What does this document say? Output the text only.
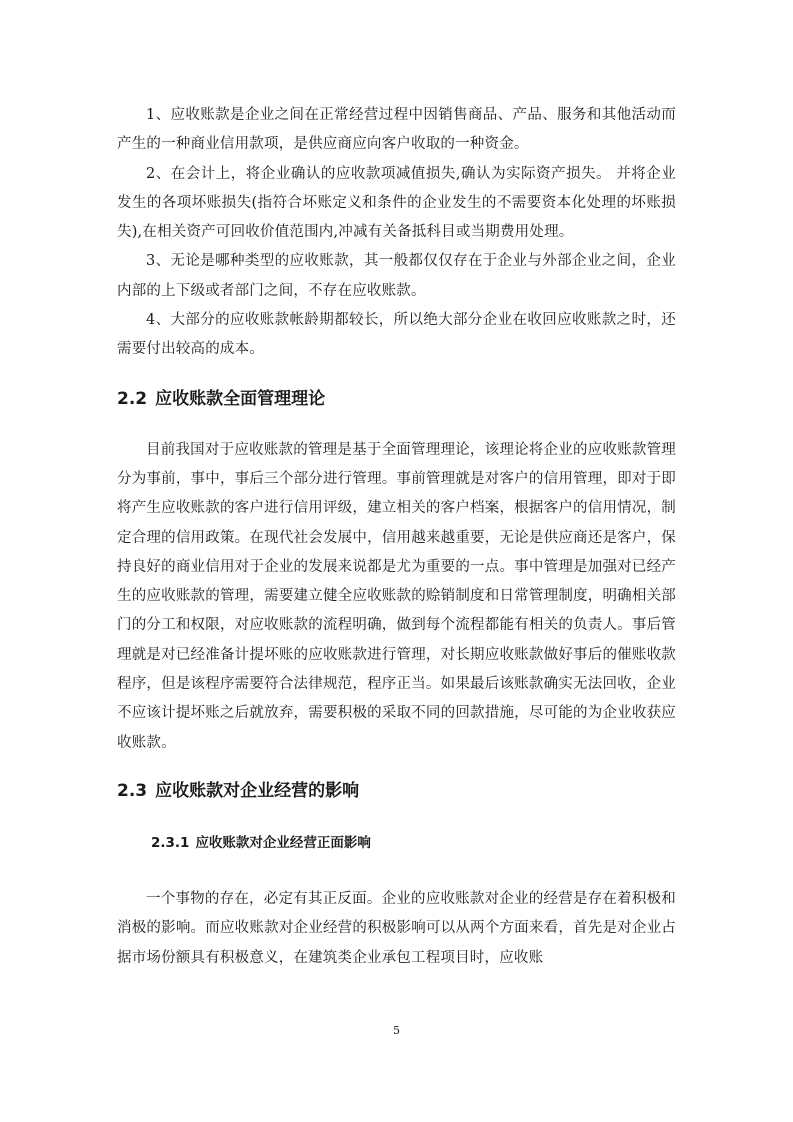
1、应收账款是企业之间在正常经营过程中因销售商品、产品、服务和其他活动而产生的一种商业信用款项，是供应商应向客户收取的一种资金。

2、在会计上，将企业确认的应收款项减值损失,确认为实际资产损失。 并将企业发生的各项坏账损失(指符合坏账定义和条件的企业发生的不需要资本化处理的坏账损失),在相关资产可回收价值范围内,冲减有关备抵科目或当期费用处理。

3、无论是哪种类型的应收账款，其一般都仅仅存在于企业与外部企业之间，企业内部的上下级或者部门之间，不存在应收账款。

4、大部分的应收账款帐龄期都较长，所以绝大部分企业在收回应收账款之时，还需要付出较高的成本。

2.2 应收账款全面管理理论

目前我国对于应收账款的管理是基于全面管理理论，该理论将企业的应收账款管理分为事前，事中，事后三个部分进行管理。事前管理就是对客户的信用管理，即对于即将产生应收账款的客户进行信用评级，建立相关的客户档案，根据客户的信用情况，制定合理的信用政策。在现代社会发展中，信用越来越重要，无论是供应商还是客户，保持良好的商业信用对于企业的发展来说都是尤为重要的一点。事中管理是加强对已经产生的应收账款的管理，需要建立健全应收账款的赊销制度和日常管理制度，明确相关部门的分工和权限，对应收账款的流程明确，做到每个流程都能有相关的负责人。事后管理就是对已经准备计提坏账的应收账款进行管理，对长期应收账款做好事后的催账收款程序，但是该程序需要符合法律规范，程序正当。如果最后该账款确实无法回收，企业不应该计提坏账之后就放弃，需要积极的采取不同的回款措施，尽可能的为企业收获应收账款。

2.3 应收账款对企业经营的影响
2.3.1 应收账款对企业经营正面影响

一个事物的存在，必定有其正反面。企业的应收账款对企业的经营是存在着积极和消极的影响。而应收账款对企业经营的积极影响可以从两个方面来看，首先是对企业占据市场份额具有积极意义，在建筑类企业承包工程项目时，应收账

5
